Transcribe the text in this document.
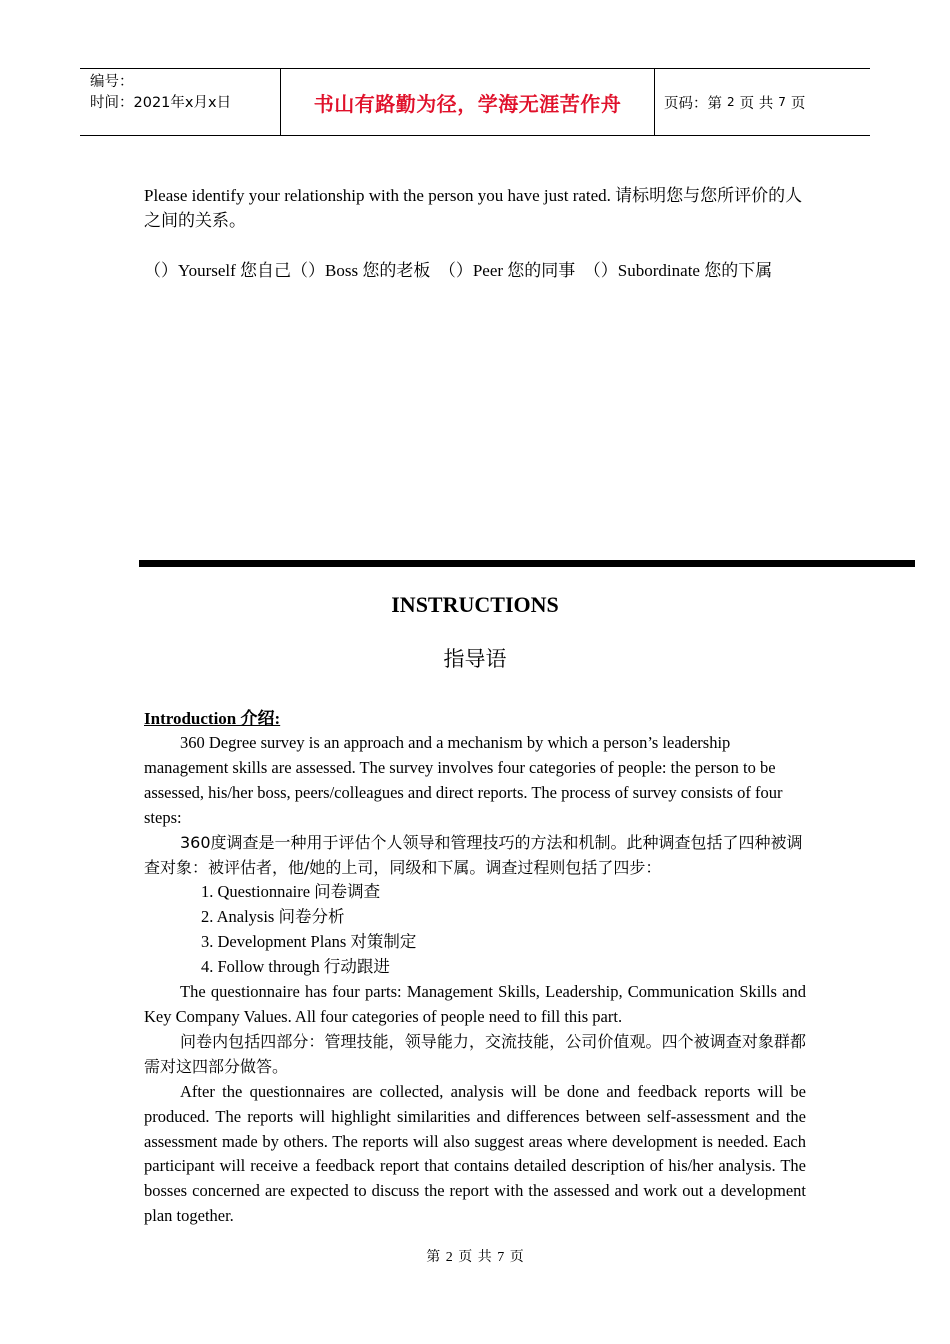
编号：
时间：2021年x月x日	书山有路勤为径，学海无涯苦作舟	页码：第 2 页 共 7 页
Please identify your relationship with the person you have just rated. 请标明您与您所评价的人之间的关系。
（）Yourself 您自己（）Boss 您的老板　（）Peer 您的同事　（）Subordinate 您的下属
INSTRUCTIONS
指导语
Introduction 介绍:

360 Degree survey is an approach and a mechanism by which a person’s leadership management skills are assessed. The survey involves four categories of people: the person to be assessed, his/her boss, peers/colleagues and direct reports. The process of survey consists of four steps:

360度调查是一种用于评估个人领导和管理技巧的方法和机制。此种调查包括了四种被调查对象：被评估者，他/她的上司，同级和下属。调查过程则包括了四步：

1. Questionnaire 问卷调查

2. Analysis 问卷分析

3. Development Plans 对策制定

4. Follow through 行动跟进

The questionnaire has four parts: Management Skills, Leadership, Communication Skills and Key Company Values. All four categories of people need to fill this part.

问卷内包括四部分：管理技能，领导能力，交流技能，公司价值观。四个被调查对象群都需对这四部分做答。

After the questionnaires are collected, analysis will be done and feedback reports will be produced. The reports will highlight similarities and differences between self-assessment and the assessment made by others. The reports will also suggest areas where development is needed. Each participant will receive a feedback report that contains detailed description of his/her analysis. The bosses concerned are expected to discuss the report with the assessed and work out a development plan together.

第 2 页 共 7 页
